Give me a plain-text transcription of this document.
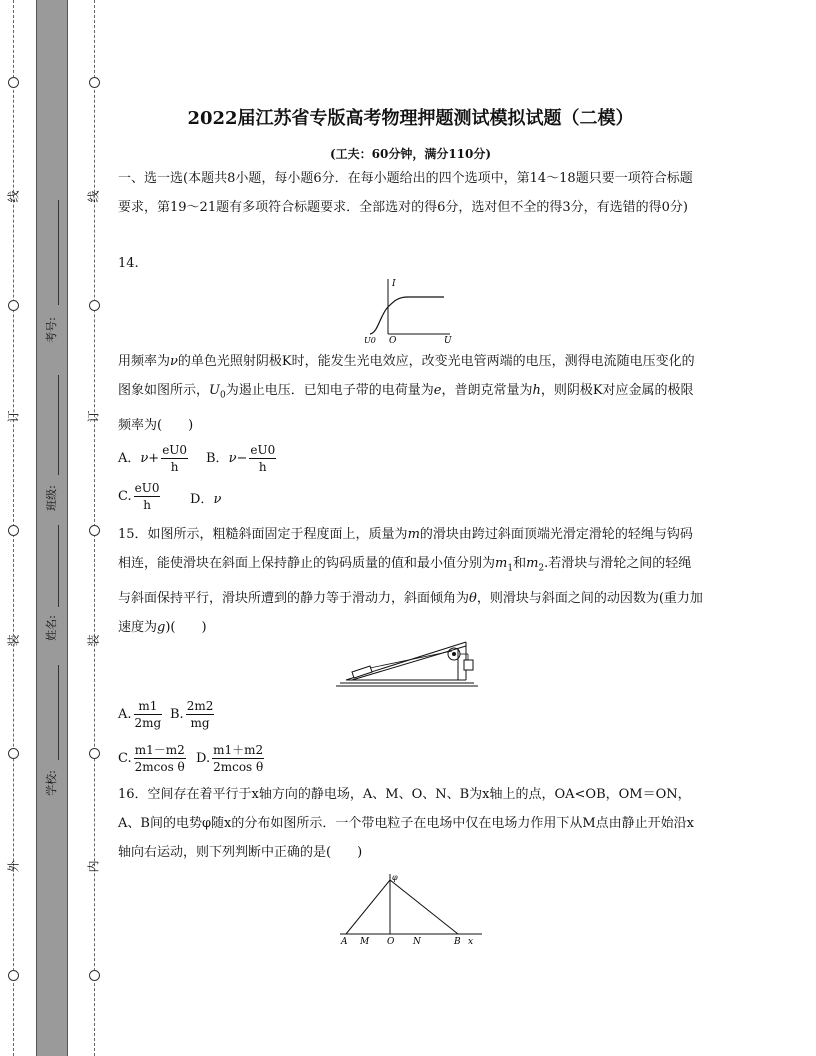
线
订
装
外
线
订
装
内
考号:
班级:
姓名:
学校:
2022届江苏省专版高考物理押题测试模拟试题（二模）
(工夫：60分钟，满分110分)
一、选一选(本题共8小题，每小题6分．在每小题给出的四个选项中，第14～18题只要一项符合标题要求，第19～21题有多项符合标题要求．全部选对的得6分，选对但不全的得3分，有选错的得0分)
14.
I
O	U
U0
用频率为ν的单色光照射阴极K时，能发生光电效应，改变光电管两端的电压，测得电流随电压变化的图象如图所示，$U_0$为遏止电压．已知电子带的电荷量为e，普朗克常量为h，则阴极K对应金属的极限频率为(　　)
A．$\nu+ \frac{eU0}{h}$ B．$\nu- \frac{eU0}{h}$
C. $\frac{eU0}{h}$ D．ν
15．如图所示，粗糙斜面固定于程度面上，质量为m的滑块由跨过斜面顶端光滑定滑轮的轻绳与钩码相连，能使滑块在斜面上保持静止的钩码质量的值和最小值分别为$m_1$和$m_2$.若滑块与滑轮之间的轻绳与斜面保持平行，滑块所遭到的静力等于滑动力，斜面倾角为θ，则滑块与斜面之间的动因数为(重力加速度为g)(　　)
A. $\frac{m1}{2mg} B$. $\frac{2m2}{mg}$
C. $\frac{m1-m2}{\text{2mcos θ}} D$. $\frac{m1+m2}{\text{2mcos θ}}$
16．空间存在着平行于x轴方向的静电场，A、M、O、N、B为x轴上的点，OA<OB，OM＝ON，A、B间的电势φ随x的分布如图所示．一个带电粒子在电场中仅在电场力作用下从M点由静止开始沿x轴向右运动，则下列判断中正确的是(　　)
φ
A M O N	B x
